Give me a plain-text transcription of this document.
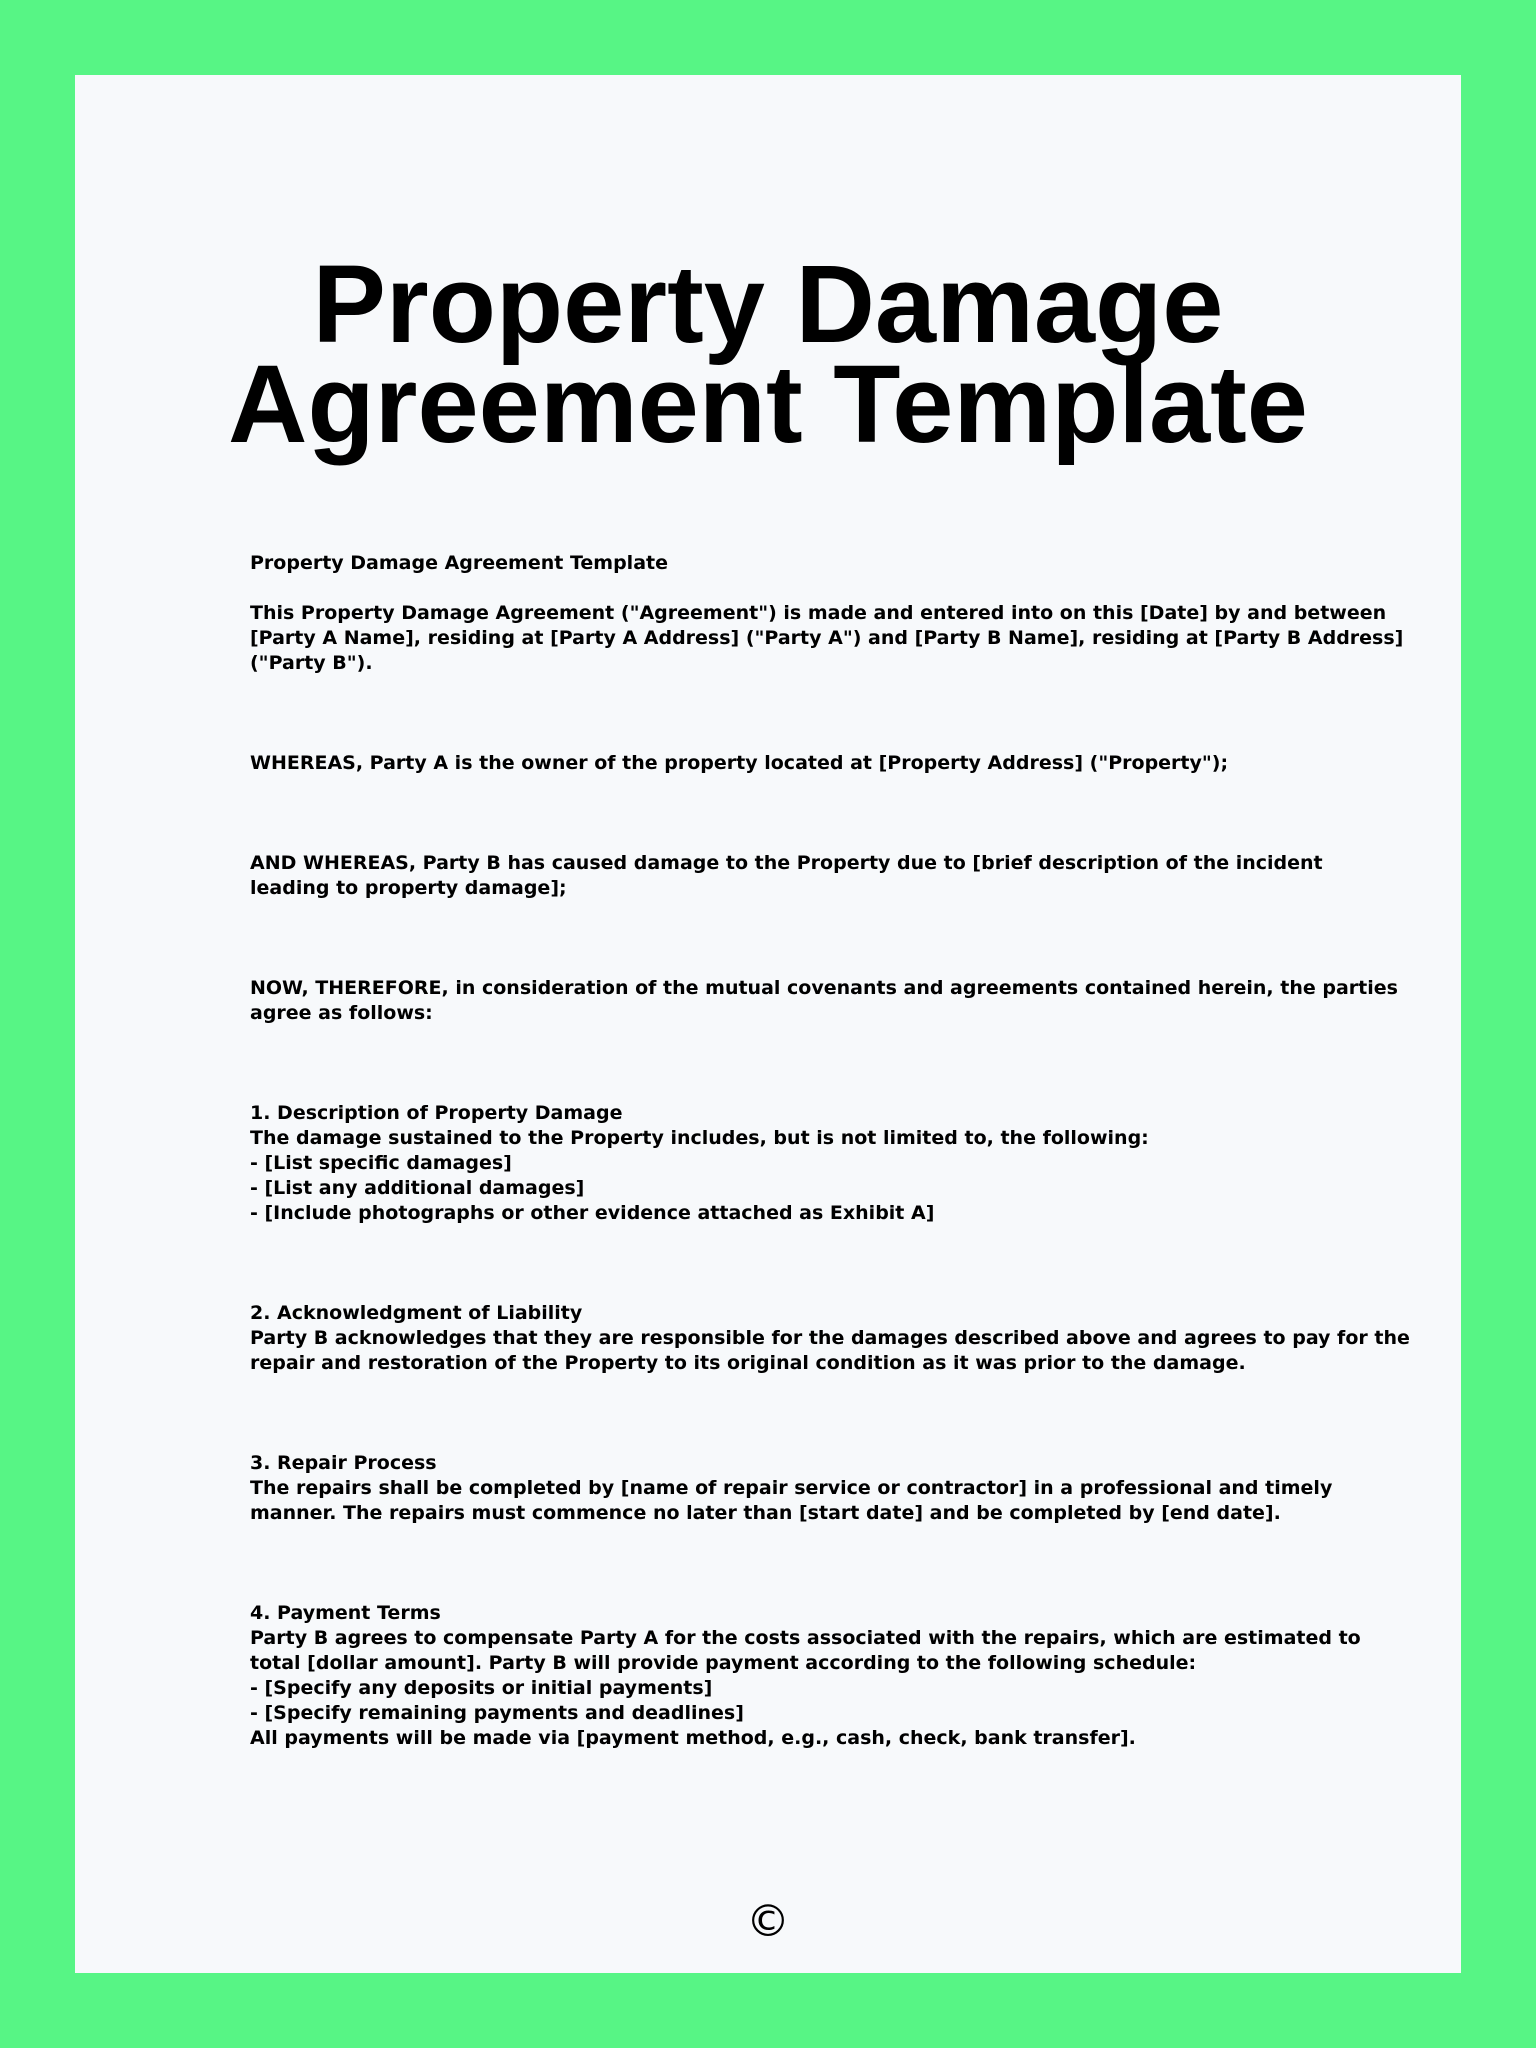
Property Damage Agreement Template
Property Damage Agreement Template
This Property Damage Agreement ("Agreement") is made and entered into on this [Date] by and between
[Party A Name], residing at [Party A Address] ("Party A") and [Party B Name], residing at [Party B Address]
("Party B").
WHEREAS, Party A is the owner of the property located at [Property Address] ("Property");
AND WHEREAS, Party B has caused damage to the Property due to [brief description of the incident
leading to property damage];
NOW, THEREFORE, in consideration of the mutual covenants and agreements contained herein, the parties
agree as follows:
1. Description of Property Damage
The damage sustained to the Property includes, but is not limited to, the following:
- [List specific damages]
- [List any additional damages]
- [Include photographs or other evidence attached as Exhibit A]
2. Acknowledgment of Liability
Party B acknowledges that they are responsible for the damages described above and agrees to pay for the
repair and restoration of the Property to its original condition as it was prior to the damage.
3. Repair Process
The repairs shall be completed by [name of repair service or contractor] in a professional and timely
manner. The repairs must commence no later than [start date] and be completed by [end date].
4. Payment Terms
Party B agrees to compensate Party A for the costs associated with the repairs, which are estimated to
total [dollar amount]. Party B will provide payment according to the following schedule:
- [Specify any deposits or initial payments]
- [Specify remaining payments and deadlines]
All payments will be made via [payment method, e.g., cash, check, bank transfer].
©
